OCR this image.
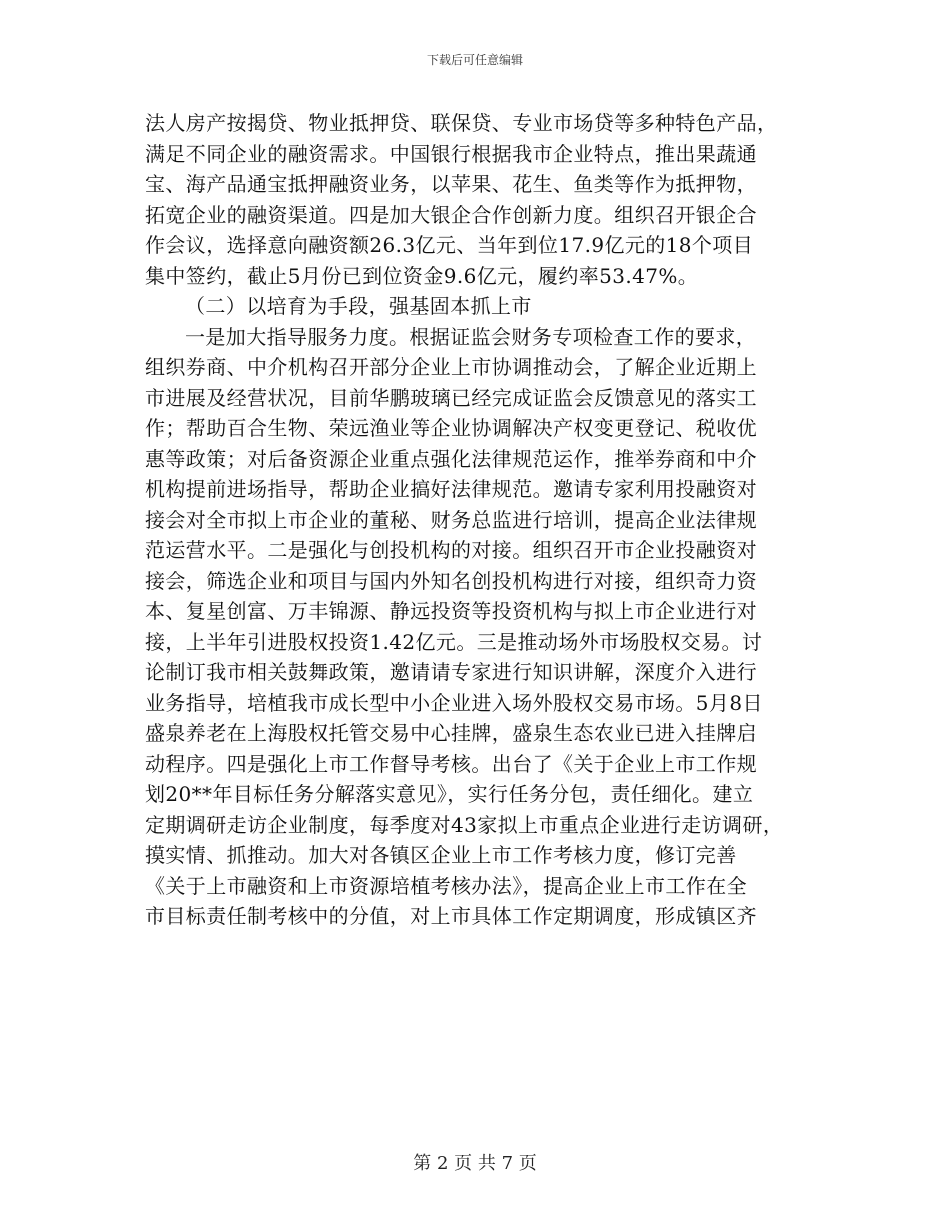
下载后可任意编辑
法人房产按揭贷、物业抵押贷、联保贷、专业市场贷等多种特色产品，
满足不同企业的融资需求。中国银行根据我市企业特点，推出果蔬通
宝、海产品通宝抵押融资业务，以苹果、花生、鱼类等作为抵押物，
拓宽企业的融资渠道。四是加大银企合作创新力度。组织召开银企合
作会议，选择意向融资额26.3亿元、当年到位17.9亿元的18个项目
集中签约，截止5月份已到位资金9.6亿元，履约率53.47%。
（二）以培育为手段，强基固本抓上市
一是加大指导服务力度。根据证监会财务专项检查工作的要求，
组织券商、中介机构召开部分企业上市协调推动会，了解企业近期上
市进展及经营状况，目前华鹏玻璃已经完成证监会反馈意见的落实工
作；帮助百合生物、荣远渔业等企业协调解决产权变更登记、税收优
惠等政策；对后备资源企业重点强化法律规范运作，推举券商和中介
机构提前进场指导，帮助企业搞好法律规范。邀请专家利用投融资对
接会对全市拟上市企业的董秘、财务总监进行培训，提高企业法律规
范运营水平。二是强化与创投机构的对接。组织召开市企业投融资对
接会，筛选企业和项目与国内外知名创投机构进行对接，组织奇力资
本、复星创富、万丰锦源、静远投资等投资机构与拟上市企业进行对
接，上半年引进股权投资1.42亿元。三是推动场外市场股权交易。讨
论制订我市相关鼓舞政策，邀请请专家进行知识讲解，深度介入进行
业务指导，培植我市成长型中小企业进入场外股权交易市场。5月8日
盛泉养老在上海股权托管交易中心挂牌，盛泉生态农业已进入挂牌启
动程序。四是强化上市工作督导考核。出台了《关于企业上市工作规
划20**年目标任务分解落实意见》，实行任务分包，责任细化。建立
定期调研走访企业制度，每季度对43家拟上市重点企业进行走访调研，
摸实情、抓推动。加大对各镇区企业上市工作考核力度，修订完善
《关于上市融资和上市资源培植考核办法》，提高企业上市工作在全
市目标责任制考核中的分值，对上市具体工作定期调度，形成镇区齐
第 2 页 共 7 页
